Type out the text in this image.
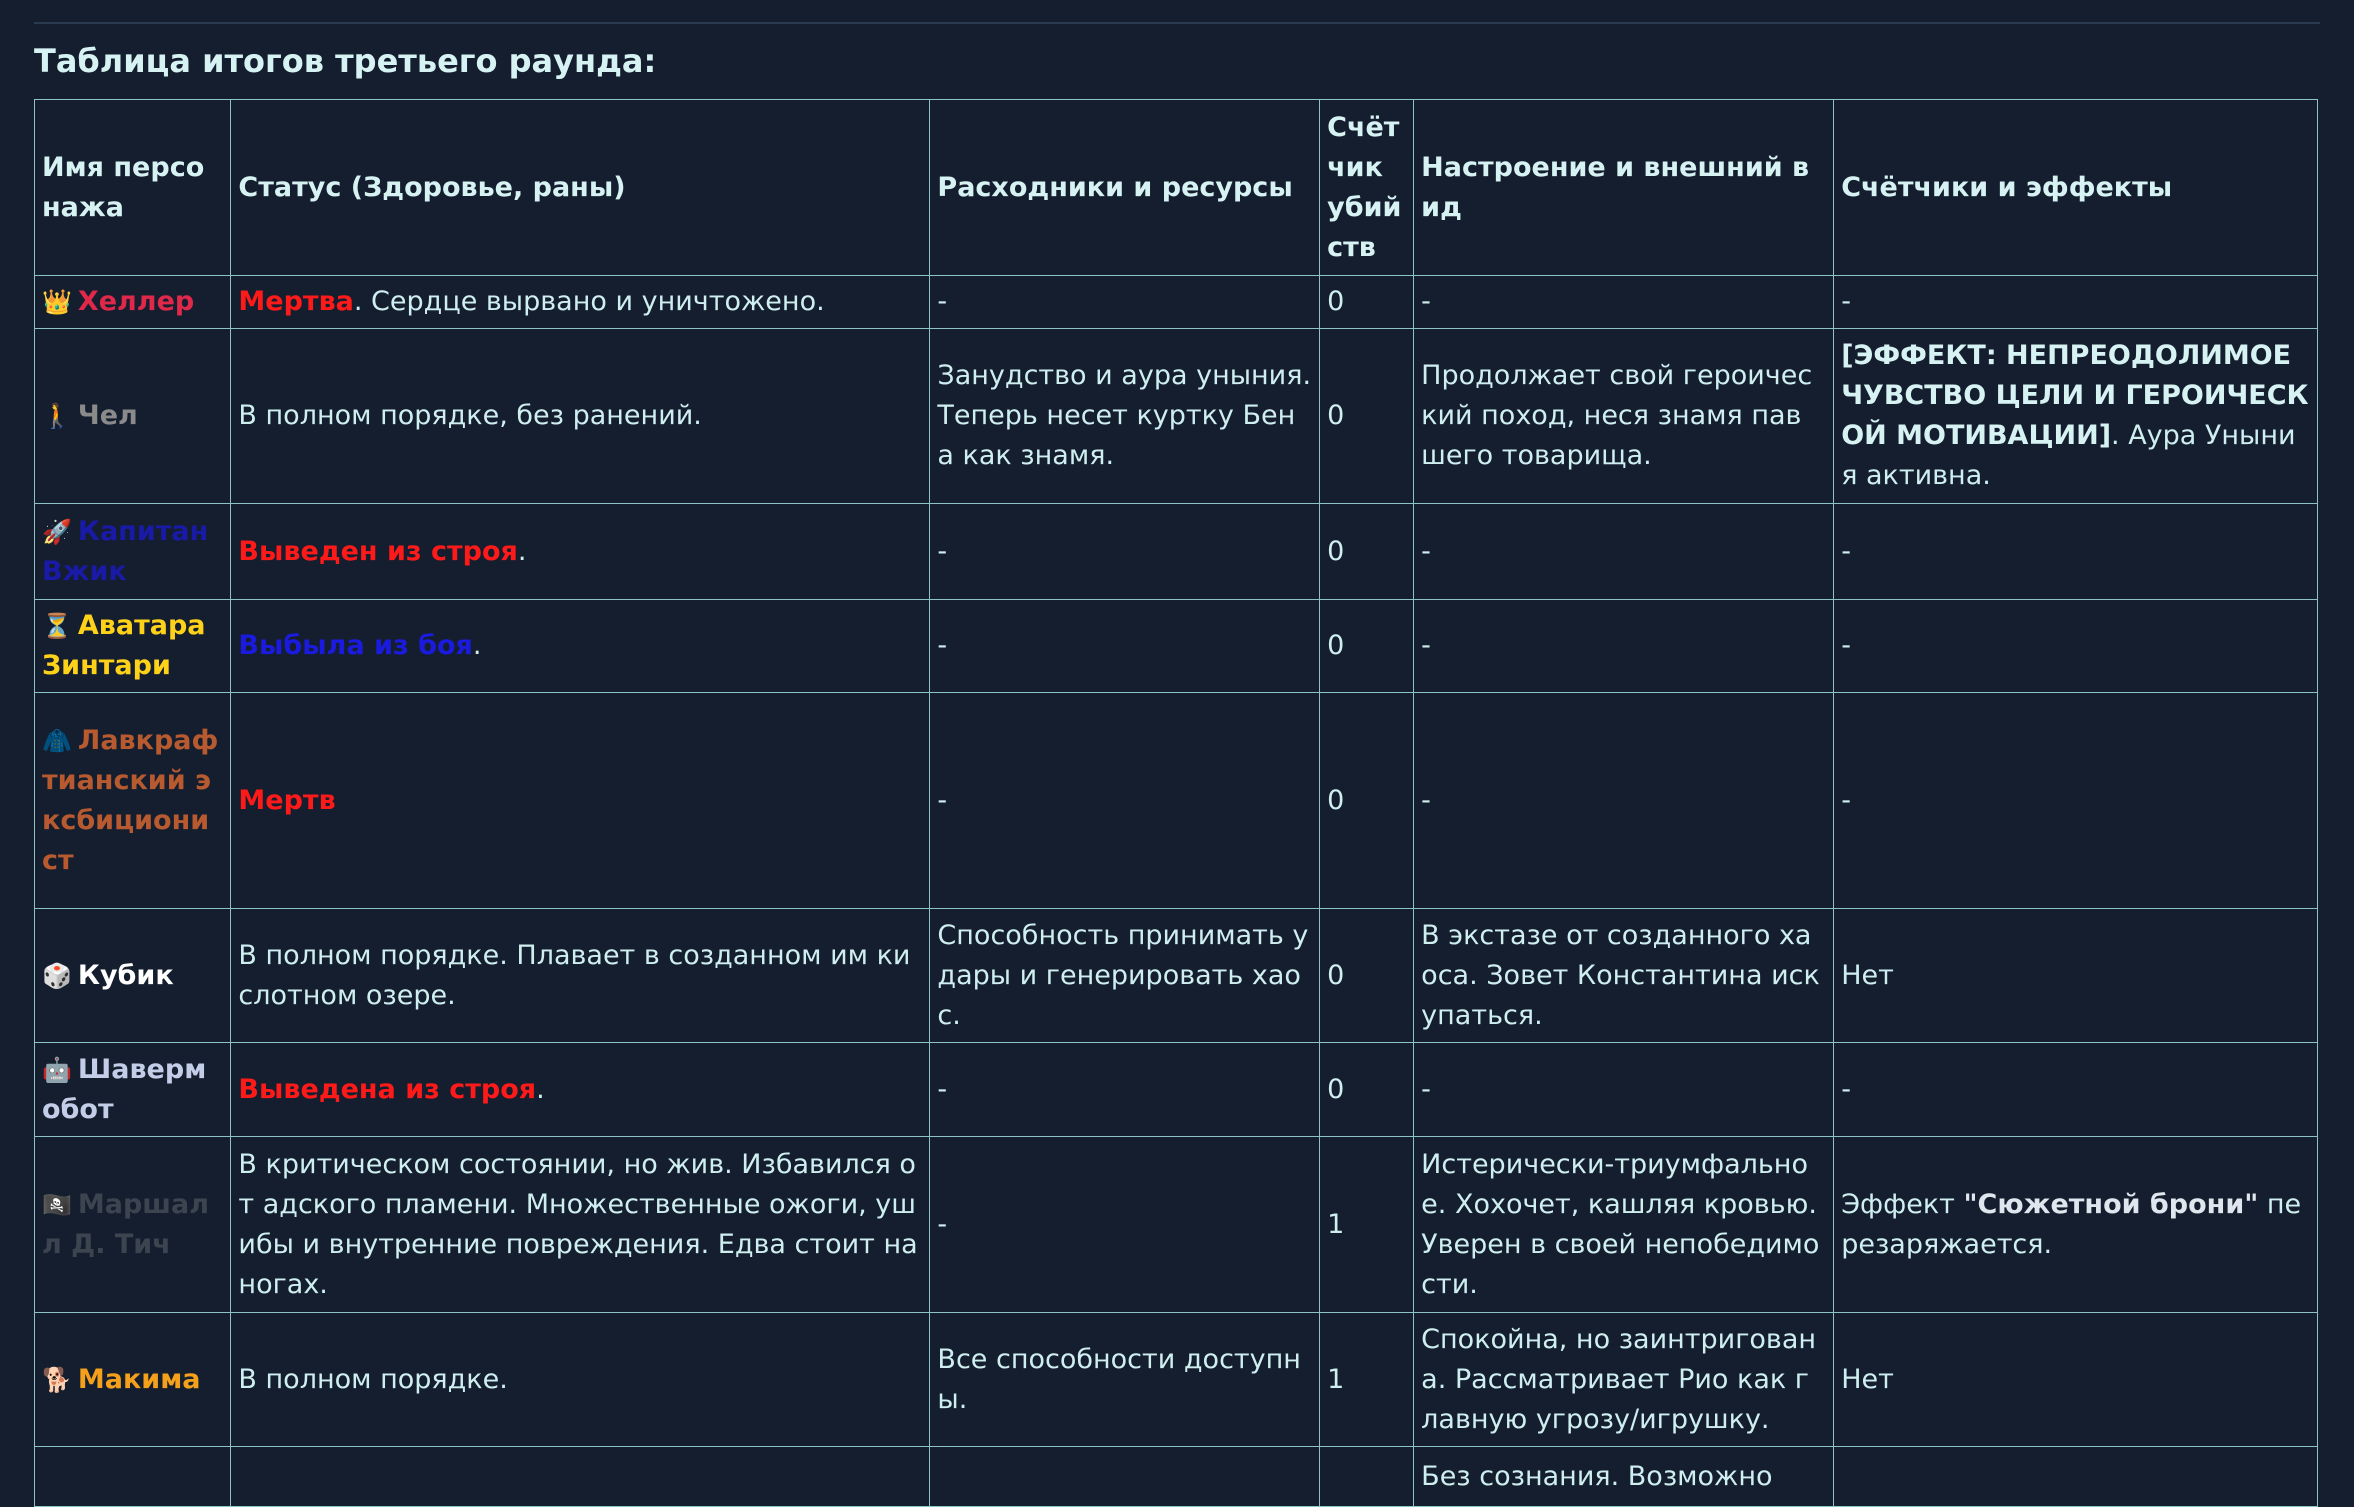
Таблица итогов третьего раунда:
Имя персонажа	Статус (Здоровье, раны)	Расходники и ресурсы	Счётчик убийств	Настроение и внешний вид	Счётчики и эффекты
👑 Хеллер	Мертва. Сердце вырвано и уничтожено.	-	0	-	-
🚶 Чел	В полном порядке, без ранений.	Занудство и аура уныния. Теперь несет куртку Бена как знамя.	0	Продолжает свой героический поход, неся знамя павшего товарища.	[ЭФФЕКТ: НЕПРЕОДОЛИМОЕ ЧУВСТВО ЦЕЛИ И ГЕРОИЧЕСКОЙ МОТИВАЦИИ]. Аура Уныния активна.
🚀 Капитан Вжик	Выведен из строя.	-	0	-	-
⏳ Аватара Зинтари	Выбыла из боя.	-	0	-	-
🧥 Лавкрафтианский эксбиционист	Мертв	-	0	-	-
🎲 Кубик	В полном порядке. Плавает в созданном им кислотном озере.	Способность принимать удары и генерировать хаос.	0	В экстазе от созданного хаоса. Зовет Константина искупаться.	Нет
🤖 Шавермобот	Выведена из строя.	-	0	-	-
🏴‍☠️ Маршалл Д. Тич	В критическом состоянии, но жив. Избавился от адского пламени. Множественные ожоги, ушибы и внутренние повреждения. Едва стоит на ногах.	-	1	Истерически-триумфальное. Хохочет, кашляя кровью. Уверен в своей непобедимости.	Эффект "Сюжетной брони" перезаряжается.
🐕 Макима	В полном порядке.	Все способности доступны.	1	Спокойна, но заинтригована. Рассматривает Рио как главную угрозу/игрушку.	Нет
				Без сознания. Возможно	
